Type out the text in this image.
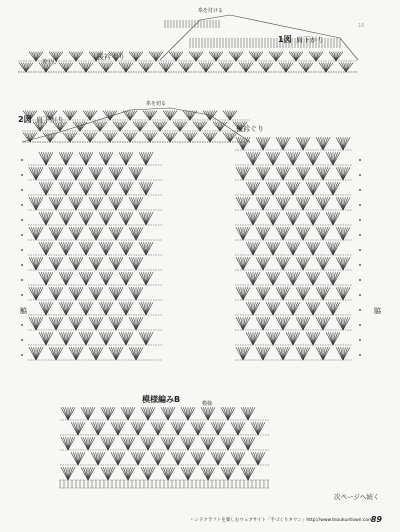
1図 肩下がり
後衿ぐり
後中心
糸を付ける
16
2図 肩下がり
後衿ぐり
糸を切る
脇	脇
模様編みB	模様
次ページへ続く
ハンドクラフトを楽しむウェブサイト「手づくりタウン」http://www.tezukuritown.com
89
